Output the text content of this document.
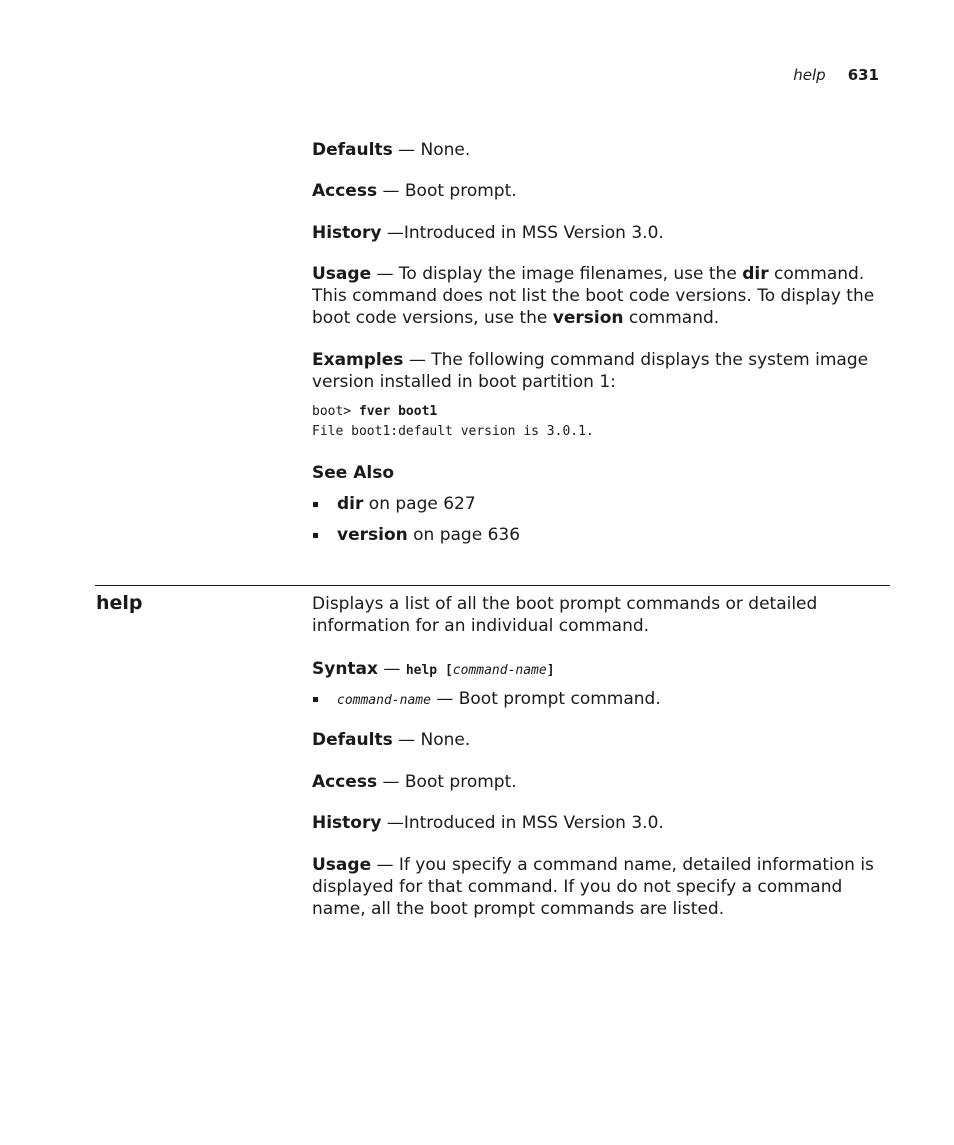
help 631

Defaults — None.

Access — Boot prompt.

History —Introduced in MSS Version 3.0.

Usage — To display the image filenames, use the dir command. This command does not list the boot code versions. To display the boot code versions, use the version command.

Examples — The following command displays the system image version installed in boot partition 1:

boot> fver boot1
File boot1:default version is 3.0.1.

See Also

dir on page 627
version on page 636
help	Displays a list of all the boot prompt commands or detailed information for an individual command.

Syntax — help [command-name]

command-name — Boot prompt command.

Defaults — None.

Access — Boot prompt.

History —Introduced in MSS Version 3.0.

Usage — If you specify a command name, detailed information is displayed for that command. If you do not specify a command name, all the boot prompt commands are listed.
